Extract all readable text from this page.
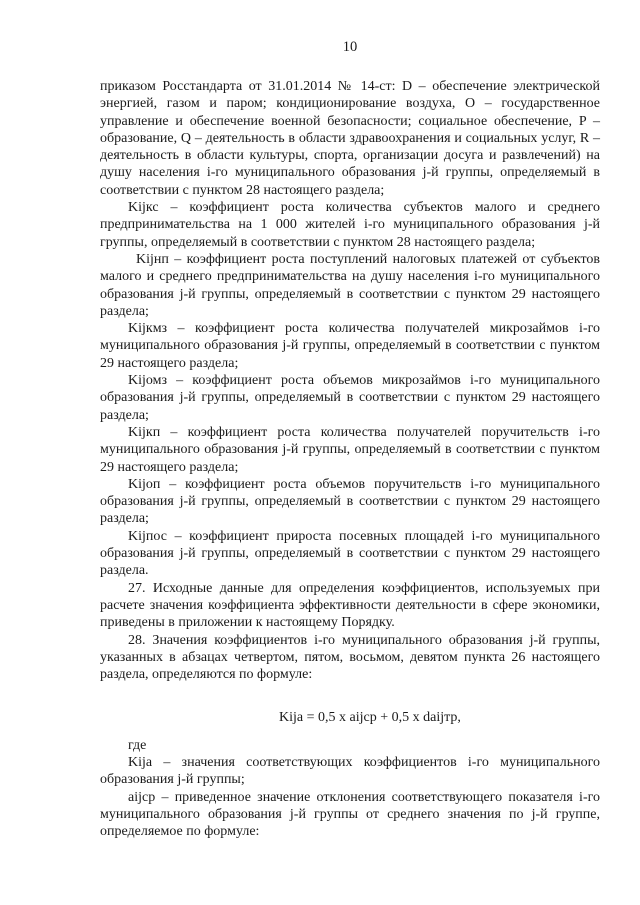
10

приказом Росстандарта от 31.01.2014 № 14-ст: D – обеспечение электрической энергией, газом и паром; кондиционирование воздуха, O – государственное управление и обеспечение военной безопасности; социальное обеспечение, P – образование, Q – деятельность в области здравоохранения и социальных услуг, R – деятельность в области культуры, спорта, организации досуга и развлечений) на душу населения i-го муниципального образования j-й группы, определяемый в соответствии с пунктом 28 настоящего раздела;

Kijкс – коэффициент роста количества субъектов малого и среднего предпринимательства на 1 000 жителей i-го муниципального образования j-й группы, определяемый в соответствии с пунктом 28 настоящего раздела;

Kijнп – коэффициент роста поступлений налоговых платежей от субъектов малого и среднего предпринимательства на душу населения i-го муниципального образования j-й группы, определяемый в соответствии с пунктом 29 настоящего раздела;

Kijкмз – коэффициент роста количества получателей микрозаймов i-го муниципального образования j-й группы, определяемый в соответствии с пунктом 29 настоящего раздела;

Kijомз – коэффициент роста объемов микрозаймов i-го муниципального образования j-й группы, определяемый в соответствии с пунктом 29 настоящего раздела;

Kijкп – коэффициент роста количества получателей поручительств i-го муниципального образования j-й группы, определяемый в соответствии с пунктом 29 настоящего раздела;

Kijоп – коэффициент роста объемов поручительств i-го муниципального образования j-й группы, определяемый в соответствии с пунктом 29 настоящего раздела;

Kijпос – коэффициент прироста посевных площадей i-го муниципального образования j-й группы, определяемый в соответствии с пунктом 29 настоящего раздела.

27. Исходные данные для определения коэффициентов, используемых при расчете значения коэффициента эффективности деятельности в сфере экономики, приведены в приложении к настоящему Порядку.

28. Значения коэффициентов i-го муниципального образования j-й группы, указанных в абзацах четвертом, пятом, восьмом, девятом пункта 26 настоящего раздела, определяются по формуле:

Kija = 0,5 x aijср + 0,5 x daijтр,

где

Kija – значения соответствующих коэффициентов i-го муниципального образования j-й группы;

aijср – приведенное значение отклонения соответствующего показателя i-го муниципального образования j-й группы от среднего значения по j-й группе, определяемое по формуле:
